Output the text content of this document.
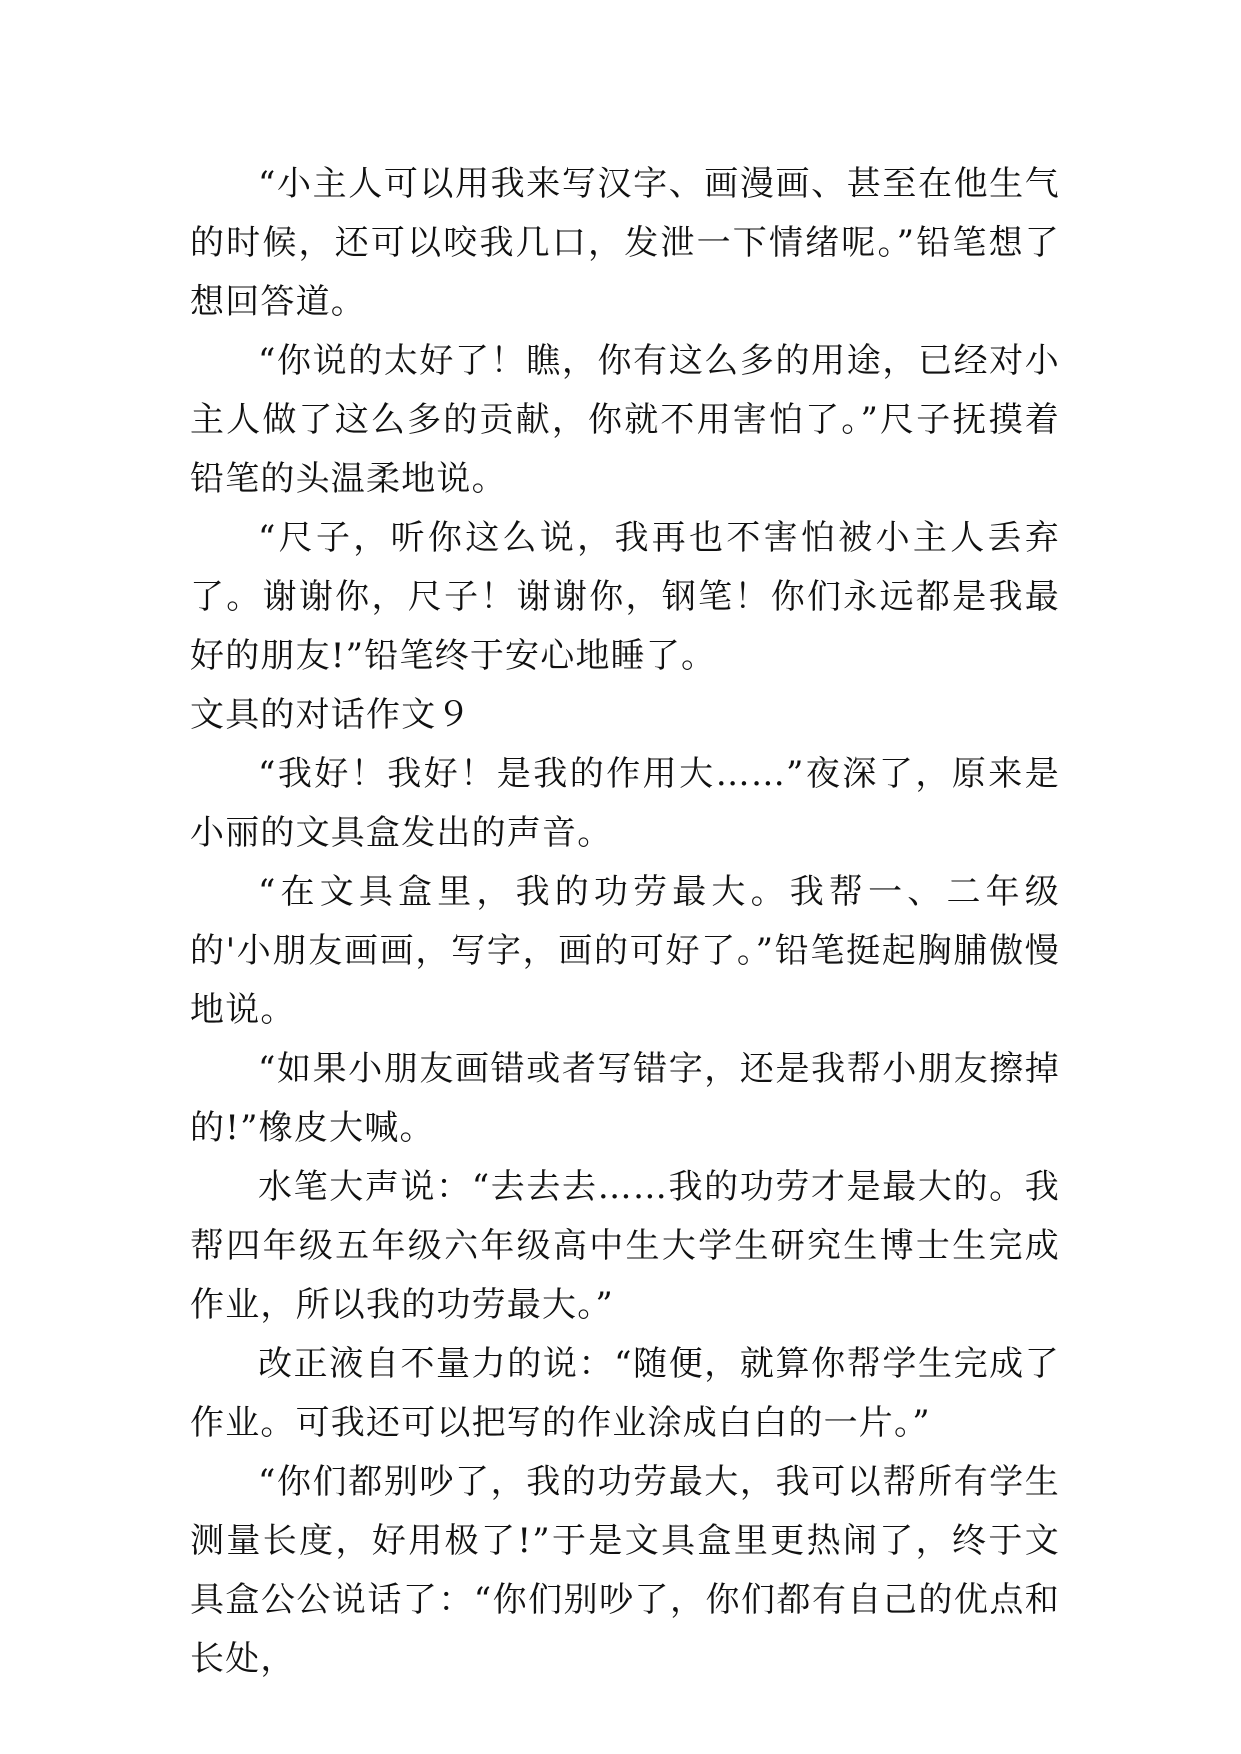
“小主人可以用我来写汉字、画漫画、甚至在他生气的时候，还可以咬我几口，发泄一下情绪呢。”铅笔想了想回答道。

“你说的太好了！瞧，你有这么多的用途，已经对小主人做了这么多的贡献，你就不用害怕了。”尺子抚摸着铅笔的头温柔地说。

“尺子，听你这么说，我再也不害怕被小主人丢弃了。谢谢你，尺子！谢谢你，钢笔！你们永远都是我最好的朋友!”铅笔终于安心地睡了。

文具的对话作文９

“我好！我好！是我的作用大……”夜深了，原来是小丽的文具盒发出的声音。

“在文具盒里，我的功劳最大。我帮一、二年级的'小朋友画画，写字，画的可好了。”铅笔挺起胸脯傲慢地说。

“如果小朋友画错或者写错字，还是我帮小朋友擦掉的!”橡皮大喊。

水笔大声说：“去去去……我的功劳才是最大的。我帮四年级五年级六年级高中生大学生研究生博士生完成作业，所以我的功劳最大。”

改正液自不量力的说：“随便，就算你帮学生完成了作业。可我还可以把写的作业涂成白白的一片。”

“你们都别吵了，我的功劳最大，我可以帮所有学生测量长度，好用极了!”于是文具盒里更热闹了，终于文具盒公公说话了：“你们别吵了，你们都有自己的优点和长处，
